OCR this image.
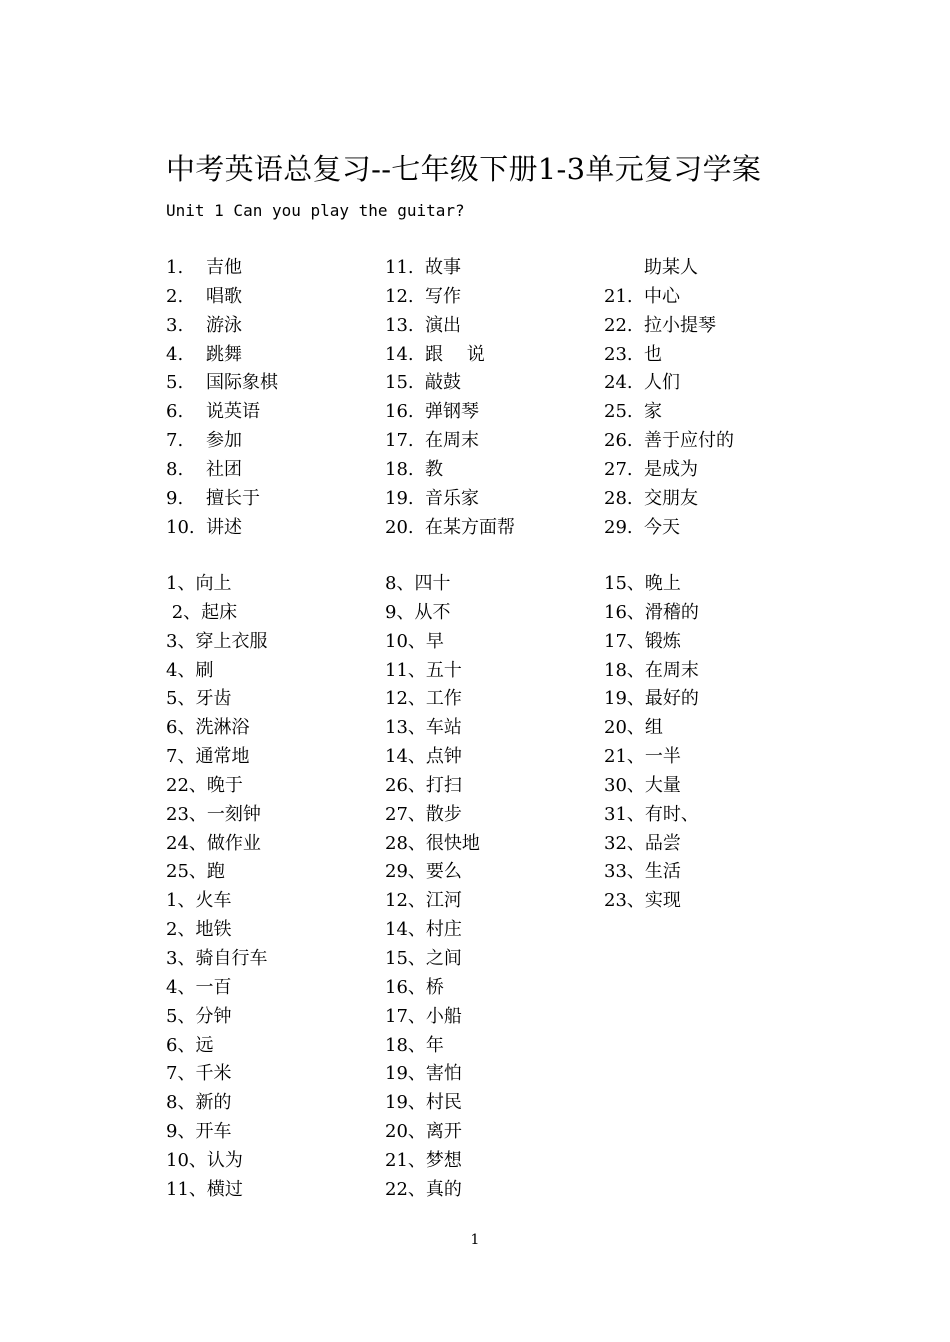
中考英语总复习--七年级下册1-3单元复习学案
Unit 1 Can you play the guitar?
1. 吉他
2. 唱歌
3. 游泳
4. 跳舞
5. 国际象棋
6. 说英语
7. 参加
8. 社团
9. 擅长于
10. 讲述
11. 故事
12. 写作
13. 演出
14. 跟　 说
15. 敲鼓
16. 弹钢琴
17. 在周末
18. 教
19. 音乐家
20. 在某方面帮
助某人
21. 中心
22. 拉小提琴
23. 也
24. 人们
25. 家
26. 善于应付的
27. 是成为
28. 交朋友
29. 今天
1、向上
2、起床
3、穿上衣服
4、刷
5、牙齿
6、洗淋浴
7、通常地
22、晚于
23、一刻钟
24、做作业
25、跑
1、火车
2、地铁
3、骑自行车
4、一百
5、分钟
6、远
7、千米
8、新的
9、开车
10、认为
11、横过
8、四十
9、从不
10、早
11、五十
12、工作
13、车站
14、点钟
26、打扫
27、散步
28、很快地
29、要么
12、江河
14、村庄
15、之间
16、桥
17、小船
18、年
19、害怕
19、村民
20、离开
21、梦想
22、真的
15、晚上
16、滑稽的
17、锻炼
18、在周末
19、最好的
20、组
21、一半
30、大量
31、有时、
32、品尝
33、生活
23、实现
1
